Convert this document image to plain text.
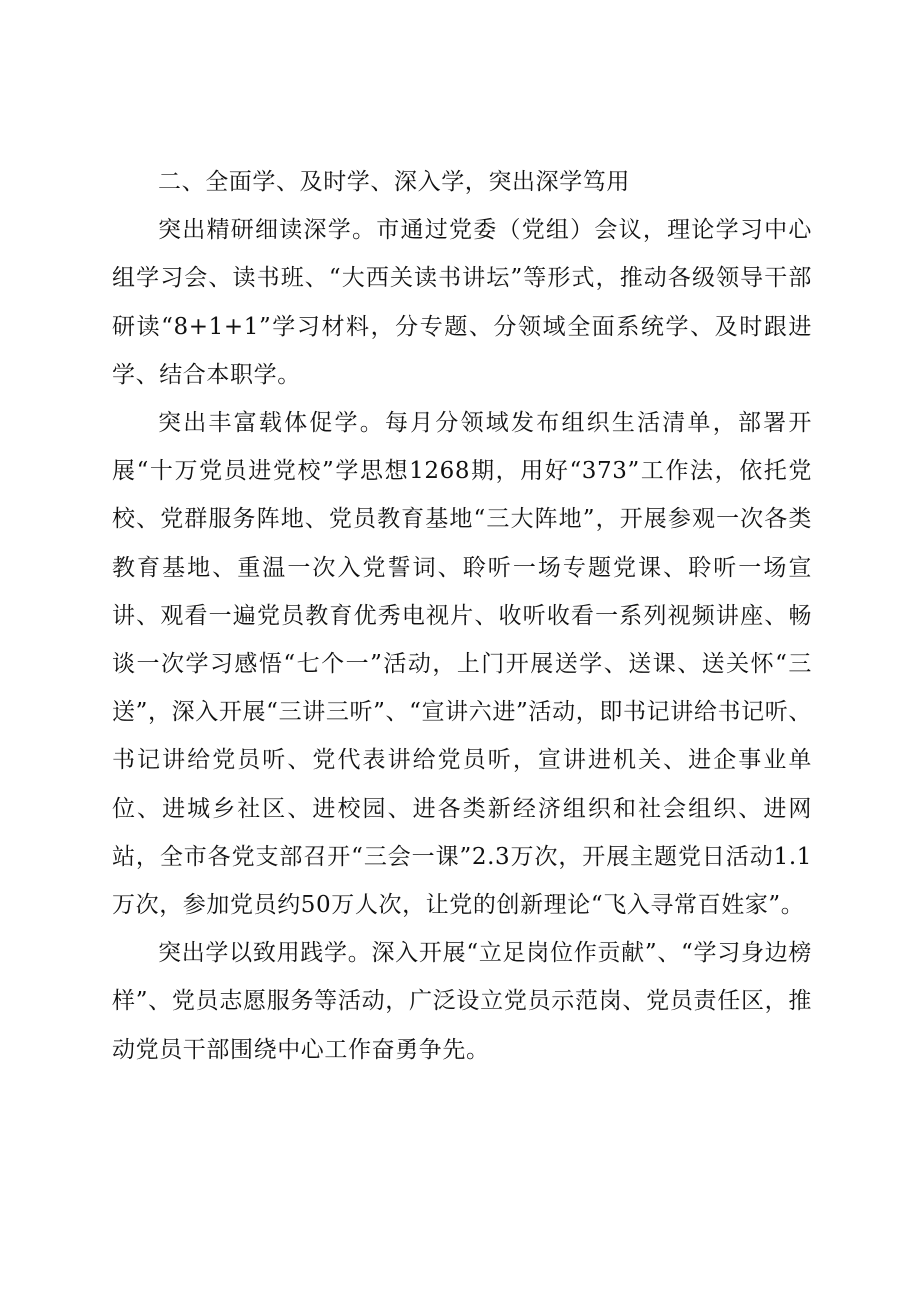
二、全面学、及时学、深入学，突出深学笃用

突出精研细读深学。市通过党委（党组）会议，理论学习中心组学习会、读书班、“大西关读书讲坛”等形式，推动各级领导干部研读“8+1+1”学习材料，分专题、分领域全面系统学、及时跟进学、结合本职学。

突出丰富载体促学。每月分领域发布组织生活清单，部署开展“十万党员进党校”学思想1268期，用好“373”工作法，依托党校、党群服务阵地、党员教育基地“三大阵地”，开展参观一次各类教育基地、重温一次入党誓词、聆听一场专题党课、聆听一场宣讲、观看一遍党员教育优秀电视片、收听收看一系列视频讲座、畅谈一次学习感悟“七个一”活动，上门开展送学、送课、送关怀“三送”，深入开展“三讲三听”、“宣讲六进”活动，即书记讲给书记听、书记讲给党员听、党代表讲给党员听，宣讲进机关、进企事业单位、进城乡社区、进校园、进各类新经济组织和社会组织、进网站，全市各党支部召开“三会一课”2.3万次，开展主题党日活动1.1万次，参加党员约50万人次，让党的创新理论“飞入寻常百姓家”。

突出学以致用践学。深入开展“立足岗位作贡献”、“学习身边榜样”、党员志愿服务等活动，广泛设立党员示范岗、党员责任区，推动党员干部围绕中心工作奋勇争先。
